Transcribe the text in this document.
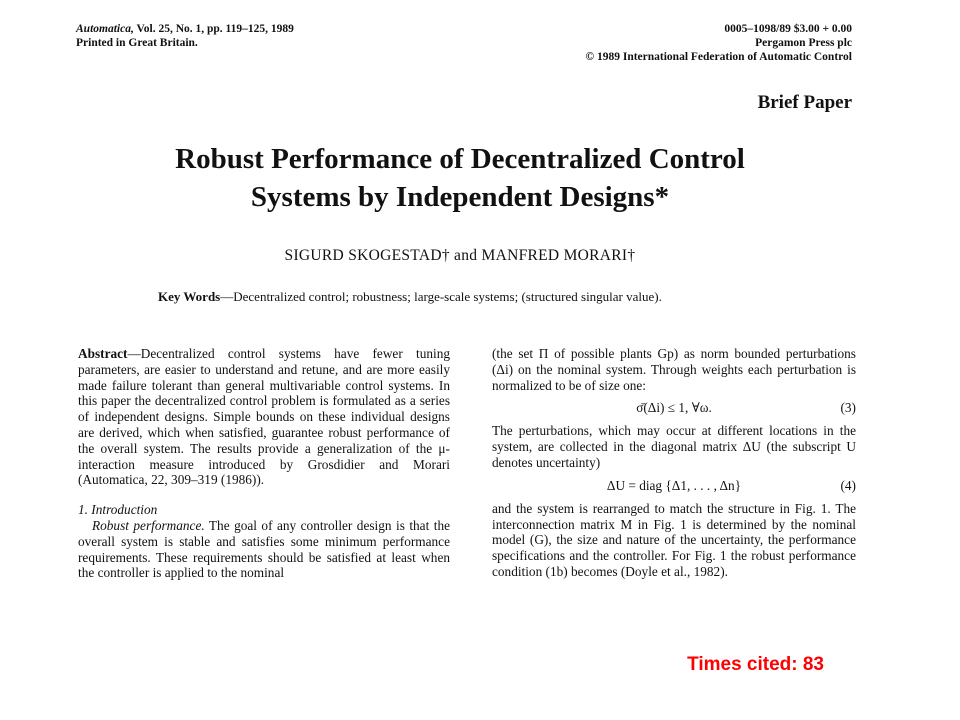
Automatica, Vol. 25, No. 1, pp. 119–125, 1989
Printed in Great Britain.
0005–1098/89 $3.00 + 0.00
Pergamon Press plc
© 1989 International Federation of Automatic Control
Brief Paper
Robust Performance of Decentralized Control
Systems by Independent Designs*
SIGURD SKOGESTAD† and MANFRED MORARI†
Key Words—Decentralized control; robustness; large-scale systems; (structured singular value).

Abstract—Decentralized control systems have fewer tuning parameters, are easier to understand and retune, and are more easily made failure tolerant than general multivariable control systems. In this paper the decentralized control problem is formulated as a series of independent designs. Simple bounds on these individual designs are derived, which when satisfied, guarantee robust performance of the overall system. The results provide a generalization of the μ-interaction measure introduced by Grosdidier and Morari (Automatica, 22, 309–319 (1986)).

1. Introduction

Robust performance. The goal of any controller design is that the overall system is stable and satisfies some minimum performance requirements. These requirements should be satisfied at least when the controller is applied to the nominal

(the set Π of possible plants Gp) as norm bounded perturbations (Δi) on the nominal system. Through weights each perturbation is normalized to be of size one:

σ̄(Δi) ≤ 1, ∀ω.	(3)

The perturbations, which may occur at different locations in the system, are collected in the diagonal matrix ΔU (the subscript U denotes uncertainty)

ΔU = diag {Δ1, . . . , Δn}	(4)

and the system is rearranged to match the structure in Fig. 1. The interconnection matrix M in Fig. 1 is determined by the nominal model (G), the size and nature of the uncertainty, the performance specifications and the controller. For Fig. 1 the robust performance condition (1b) becomes (Doyle et al., 1982).

Times cited: 83
